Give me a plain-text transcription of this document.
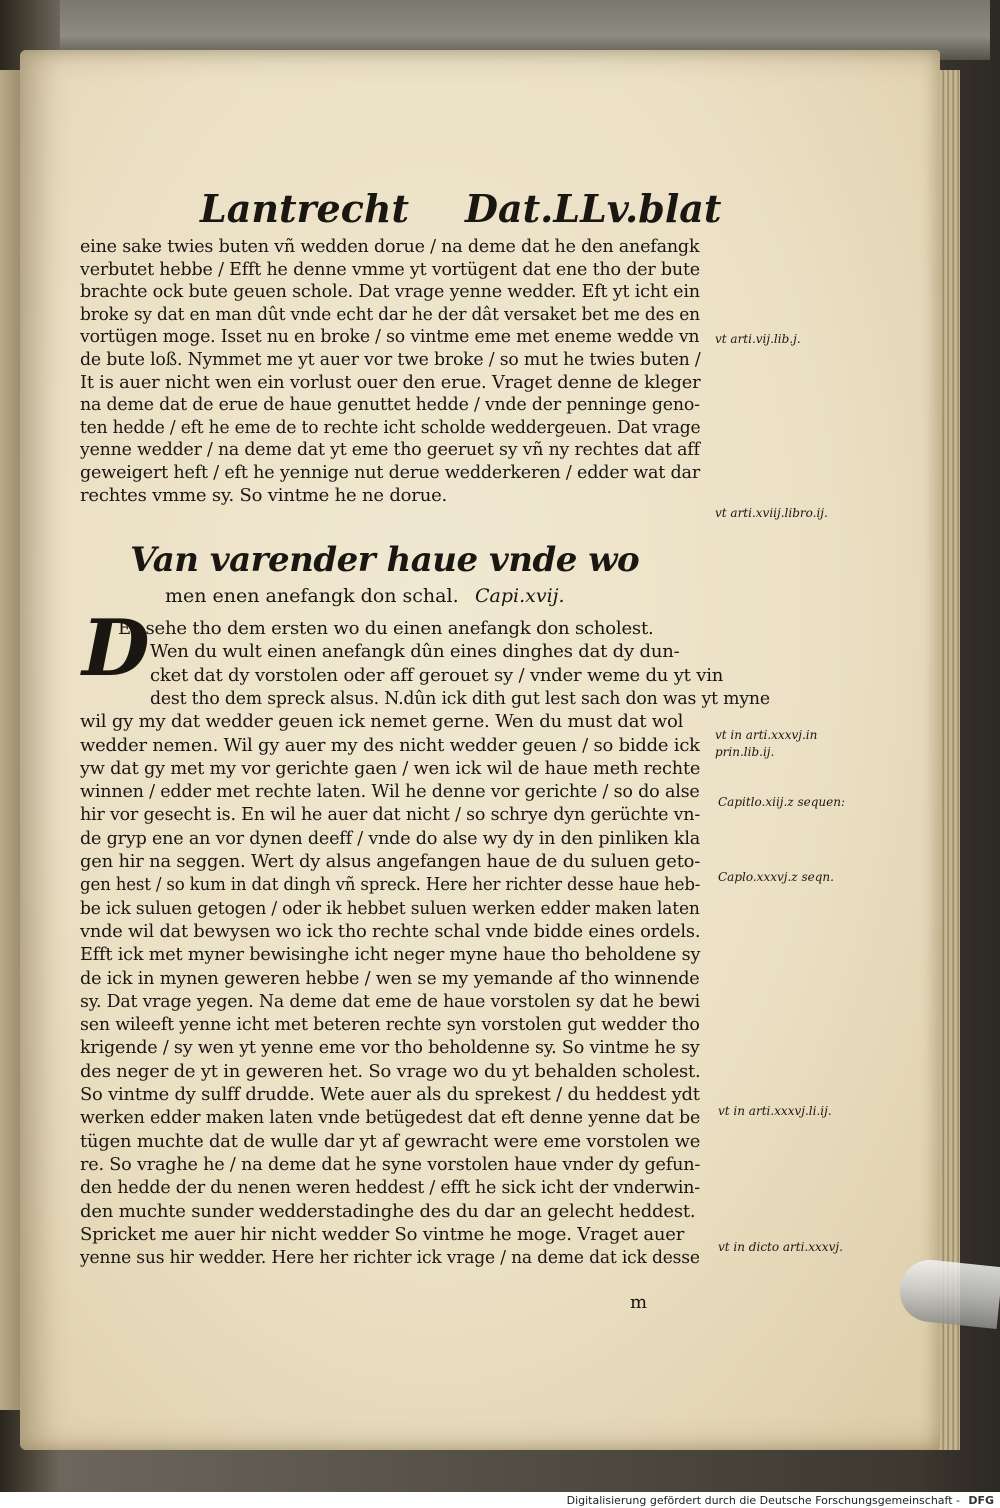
Lantrecht Dat.LLv.blat
eine sake twies buten vñ wedden dorue / na deme dat he den anefangk
verbutet hebbe / Efft he denne vmme yt vortügent dat ene tho der bute
brachte ock bute geuen schole. Dat vrage yenne wedder. Eft yt icht ein
broke sy dat en man dût vnde echt dar he der dât versaket bet me des en
vortügen moge. Isset nu en broke / so vintme eme met eneme wedde vn
de bute loß. Nymmet me yt auer vor twe broke / so mut he twies buten /
It is auer nicht wen ein vorlust ouer den erue. Vraget denne de kleger
na deme dat de erue de haue genuttet hedde / vnde der penninge geno-
ten hedde / eft he eme de to rechte icht scholde weddergeuen. Dat vrage
yenne wedder / na deme dat yt eme tho geeruet sy vñ ny rechtes dat aff
geweigert heft / eft he yennige nut derue wedderkeren / edder wat dar
rechtes vmme sy. So vintme he ne dorue.
vt arti.vij.lib.j.
vt arti.xviij.libro.ij.
Van varender haue vnde wo
men enen anefangk don schal. Capi.xvij.
D
Es sehe tho dem ersten wo du einen anefangk don scholest.
Wen du wult einen anefangk dûn eines dinghes dat dy dun-
cket dat dy vorstolen oder aff gerouet sy / vnder weme du yt vin
dest tho dem spreck alsus. N.dûn ick dith gut lest sach don was yt myne
wil gy my dat wedder geuen ick nemet gerne. Wen du must dat wol
wedder nemen. Wil gy auer my des nicht wedder geuen / so bidde ick
yw dat gy met my vor gerichte gaen / wen ick wil de haue meth rechte
winnen / edder met rechte laten. Wil he denne vor gerichte / so do alse
hir vor gesecht is. En wil he auer dat nicht / so schrye dyn gerüchte vn-
de gryp ene an vor dynen deeff / vnde do alse wy dy in den pinliken kla
gen hir na seggen. Wert dy alsus angefangen haue de du suluen geto-
gen hest / so kum in dat dingh vñ spreck. Here her richter desse haue heb-
be ick suluen getogen / oder ik hebbet suluen werken edder maken laten
vnde wil dat bewysen wo ick tho rechte schal vnde bidde eines ordels.
Efft ick met myner bewisinghe icht neger myne haue tho beholdene sy
de ick in mynen geweren hebbe / wen se my yemande af tho winnende
sy. Dat vrage yegen. Na deme dat eme de haue vorstolen sy dat he bewi
sen wileeft yenne icht met beteren rechte syn vorstolen gut wedder tho
krigende / sy wen yt yenne eme vor tho beholdenne sy. So vintme he sy
des neger de yt in geweren het. So vrage wo du yt behalden scholest.
So vintme dy sulff drudde. Wete auer als du sprekest / du heddest ydt
werken edder maken laten vnde betügedest dat eft denne yenne dat be
tügen muchte dat de wulle dar yt af gewracht were eme vorstolen we
re. So vraghe he / na deme dat he syne vorstolen haue vnder dy gefun-
den hedde der du nenen weren heddest / efft he sick icht der vnderwin-
den muchte sunder wedderstadinghe des du dar an gelecht heddest.
Spricket me auer hir nicht wedder So vintme he moge. Vraget auer
yenne sus hir wedder. Here her richter ick vrage / na deme dat ick desse
vt in arti.xxxvj.in
prin.lib.ij.
Capitlo.xiij.z sequen:
Caplo.xxxvj.z seqn.
vt in arti.xxxvj.li.ij.
vt in dicto arti.xxxvj.
m
Digitalisierung gefördert durch die Deutsche Forschungsgemeinschaft - DFG
